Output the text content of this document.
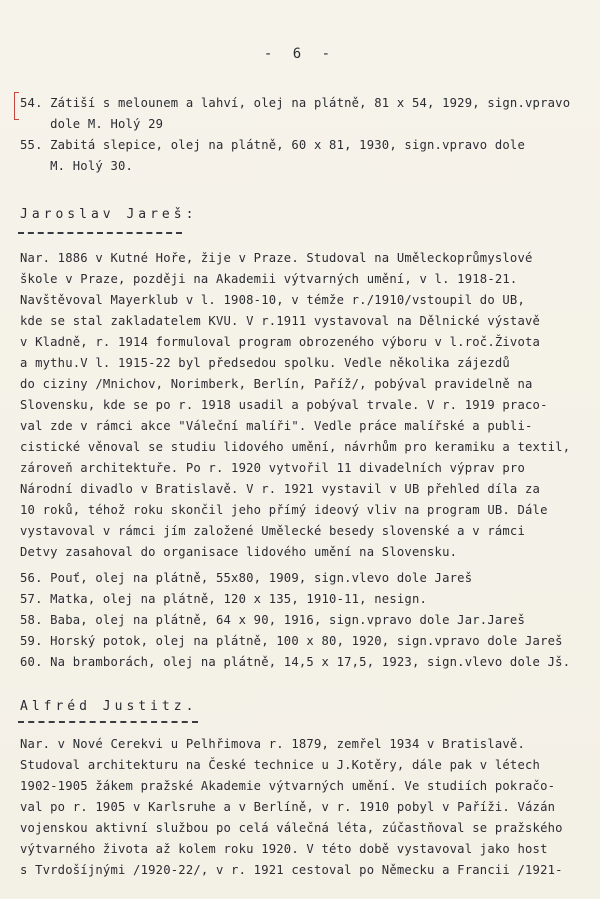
- 6 -
54. Zátiší s melounem a lahví, olej na plátně, 81 x 54, 1929, sign.vpravo
dole M. Holý 29
55. Zabitá slepice, olej na plátně, 60 x 81, 1930, sign.vpravo dole
M. Holý 30.
Jaroslav Jareš:
Nar. 1886 v Kutné Hoře, žije v Praze. Studoval na Uměleckoprůmyslové
škole v Praze, později na Akademii výtvarných umění, v l. 1918-21.
Navštěvoval Mayerklub v l. 1908-10, v témže r./1910/vstoupil do UB,
kde se stal zakladatelem KVU. V r.1911 vystavoval na Dělnické výstavě
v Kladně, r. 1914 formuloval program obrozeného výboru v l.roč.Života
a mythu.V l. 1915-22 byl předsedou spolku. Vedle několika zájezdů
do ciziny /Mnichov, Norimberk, Berlín, Paříž/, pobýval pravidelně na
Slovensku, kde se po r. 1918 usadil a pobýval trvale. V r. 1919 praco-
val zde v rámci akce "Váleční malíři". Vedle práce malířské a publi-
cistické věnoval se studiu lidového umění, návrhům pro keramiku a textil,
zároveň architektuře. Po r. 1920 vytvořil 11 divadelních výprav pro
Národní divadlo v Bratislavě. V r. 1921 vystavil v UB přehled díla za
10 roků, téhož roku skončil jeho přímý ideový vliv na program UB. Dále
vystavoval v rámci jím založené Umělecké besedy slovenské a v rámci
Detvy zasahoval do organisace lidového umění na Slovensku.
56. Pouť, olej na plátně, 55x80, 1909, sign.vlevo dole Jareš
57. Matka, olej na plátně, 120 x 135, 1910-11, nesign.
58. Baba, olej na plátně, 64 x 90, 1916, sign.vpravo dole Jar.Jareš
59. Horský potok, olej na plátně, 100 x 80, 1920, sign.vpravo dole Jareš
60. Na bramborách, olej na plátně, 14,5 x 17,5, 1923, sign.vlevo dole Jš.
Alfréd Justitz.
Nar. v Nové Cerekvi u Pelhřimova r. 1879, zemřel 1934 v Bratislavě.
Studoval architekturu na České technice u J.Kotěry, dále pak v létech
1902-1905 žákem pražské Akademie výtvarných umění. Ve studiích pokračo-
val po r. 1905 v Karlsruhe a v Berlíně, v r. 1910 pobyl v Paříži. Vázán
vojenskou aktivní službou po celá válečná léta, zúčastňoval se pražského
výtvarného života až kolem roku 1920. V této době vystavoval jako host
s Tvrdošíjnými /1920-22/, v r. 1921 cestoval po Německu a Francii /1921-
